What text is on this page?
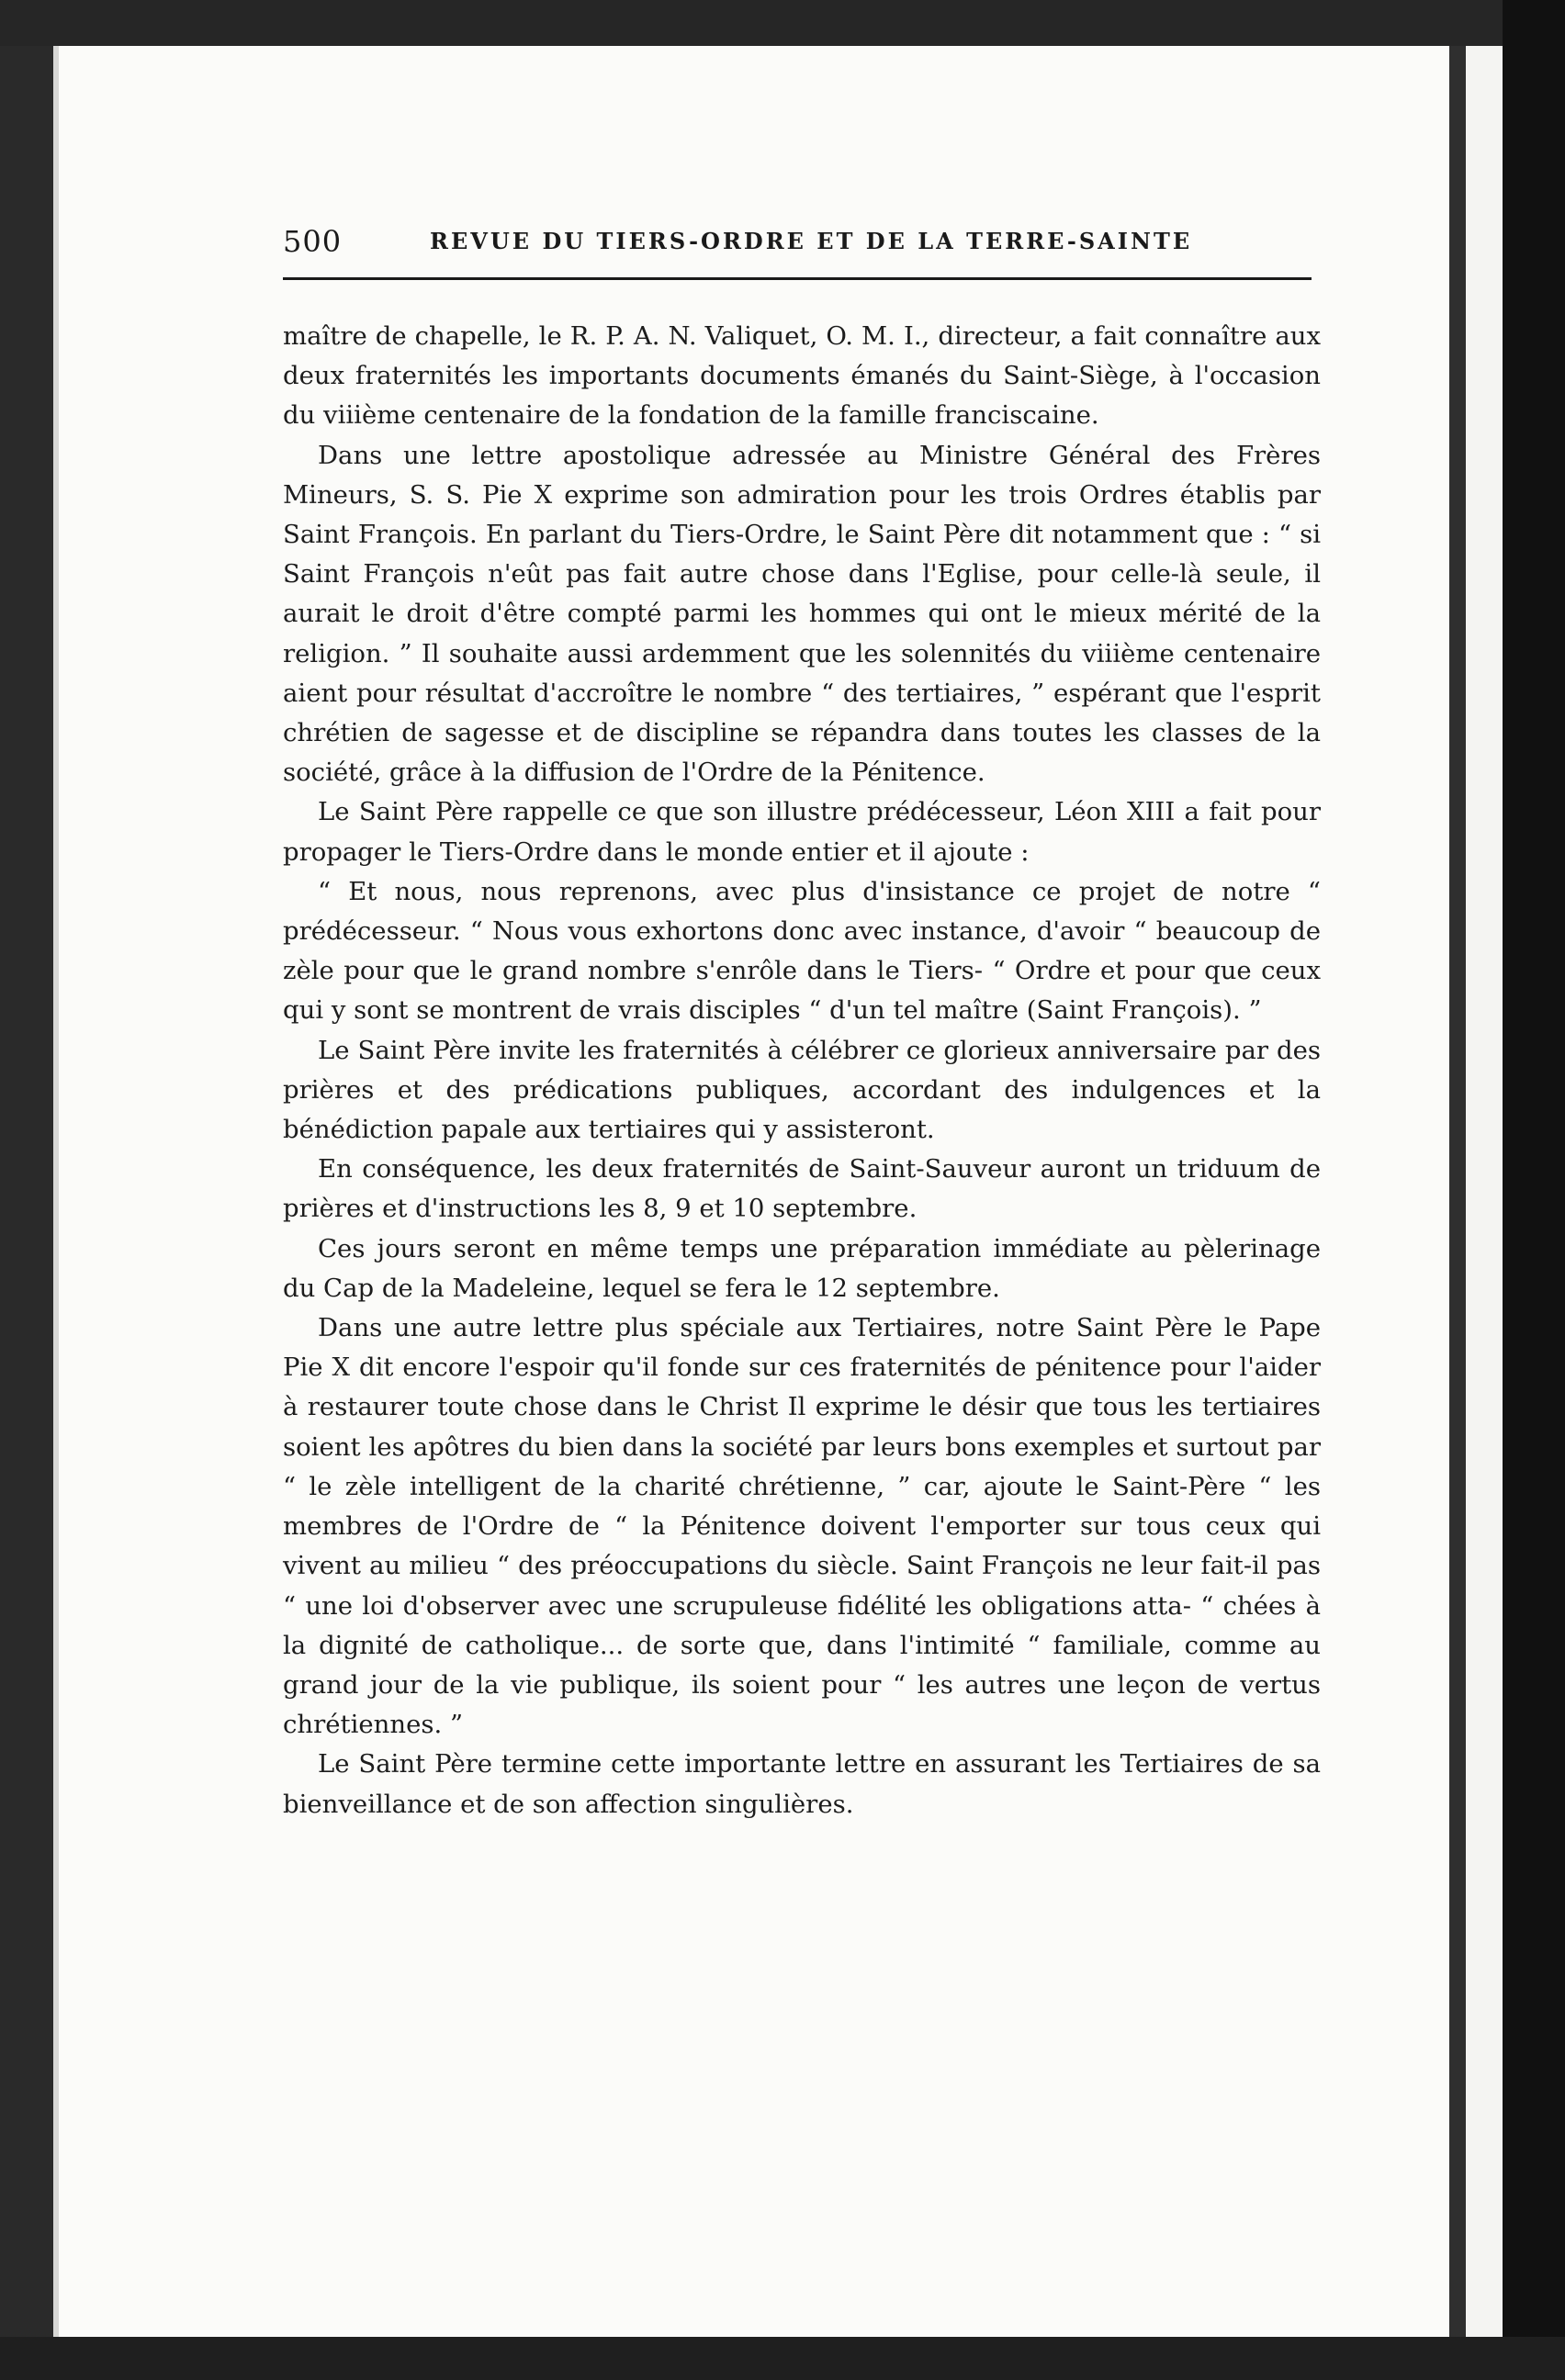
500	REVUE DU TIERS-ORDRE ET DE LA TERRE-SAINTE

maître de chapelle, le R. P. A. N. Valiquet, O. M. I., directeur, a fait connaître aux deux fraternités les importants documents émanés du Saint-Siège, à l'occasion du viiième centenaire de la fondation de la famille franciscaine.

Dans une lettre apostolique adressée au Ministre Général des Frères Mineurs, S. S. Pie X exprime son admiration pour les trois Ordres établis par Saint François. En parlant du Tiers-Ordre, le Saint Père dit notamment que : “ si Saint François n'eût pas fait autre chose dans l'Eglise, pour celle-là seule, il aurait le droit d'être compté parmi les hommes qui ont le mieux mérité de la religion. ” Il souhaite aussi ardemment que les solennités du viiième centenaire aient pour résultat d'accroître le nombre “ des tertiaires, ” espérant que l'esprit chrétien de sagesse et de discipline se répandra dans toutes les classes de la société, grâce à la diffusion de l'Ordre de la Pénitence.

Le Saint Père rappelle ce que son illustre prédécesseur, Léon XIII a fait pour propager le Tiers-Ordre dans le monde entier et il ajoute :

“ Et nous, nous reprenons, avec plus d'insistance ce projet de notre “ prédécesseur. “ Nous vous exhortons donc avec instance, d'avoir “ beaucoup de zèle pour que le grand nombre s'enrôle dans le Tiers- “ Ordre et pour que ceux qui y sont se montrent de vrais disciples “ d'un tel maître (Saint François). ”

Le Saint Père invite les fraternités à célébrer ce glorieux anniversaire par des prières et des prédications publiques, accordant des indulgences et la bénédiction papale aux tertiaires qui y assisteront.

En conséquence, les deux fraternités de Saint-Sauveur auront un triduum de prières et d'instructions les 8, 9 et 10 septembre.

Ces jours seront en même temps une préparation immédiate au pèlerinage du Cap de la Madeleine, lequel se fera le 12 septembre.

Dans une autre lettre plus spéciale aux Tertiaires, notre Saint Père le Pape Pie X dit encore l'espoir qu'il fonde sur ces fraternités de pénitence pour l'aider à restaurer toute chose dans le Christ Il exprime le désir que tous les tertiaires soient les apôtres du bien dans la société par leurs bons exemples et surtout par “ le zèle intelligent de la charité chrétienne, ” car, ajoute le Saint-Père “ les membres de l'Ordre de “ la Pénitence doivent l'emporter sur tous ceux qui vivent au milieu “ des préoccupations du siècle. Saint François ne leur fait-il pas “ une loi d'observer avec une scrupuleuse fidélité les obligations atta- “ chées à la dignité de catholique... de sorte que, dans l'intimité “ familiale, comme au grand jour de la vie publique, ils soient pour “ les autres une leçon de vertus chrétiennes. ”

Le Saint Père termine cette importante lettre en assurant les Tertiaires de sa bienveillance et de son affection singulières.
